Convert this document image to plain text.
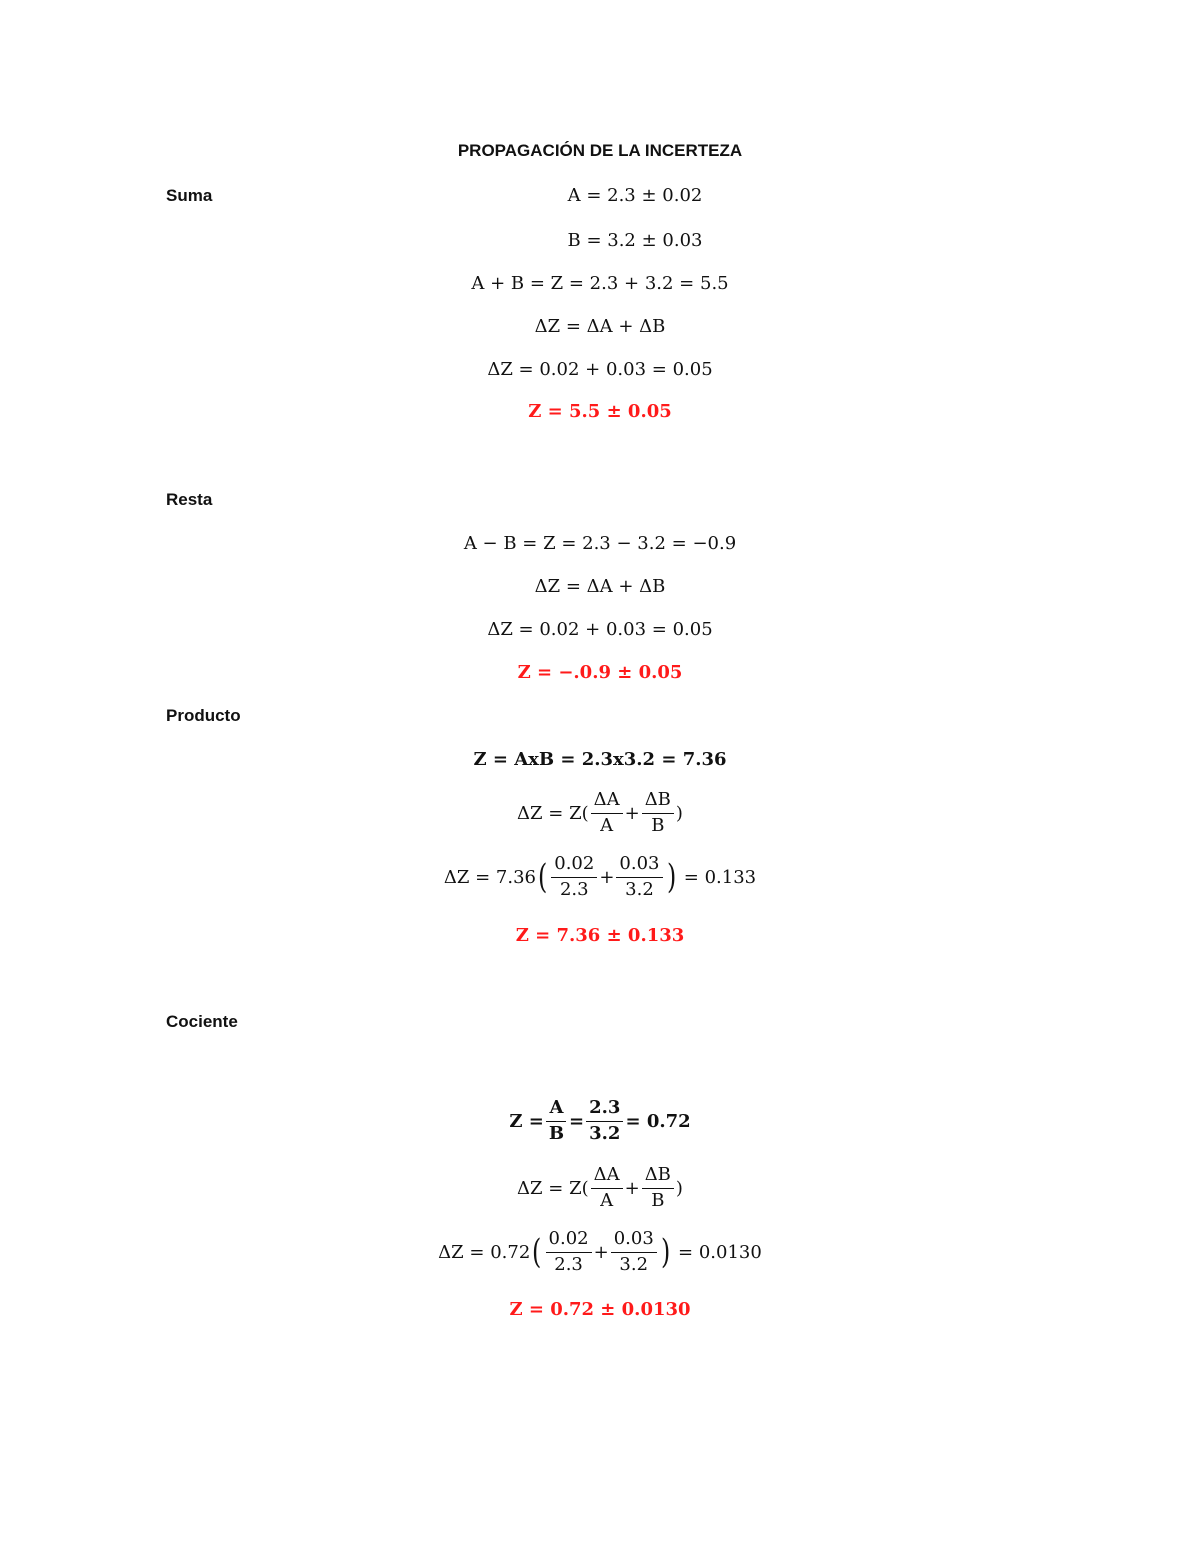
PROPAGACIÓN DE LA INCERTEZA
Suma	A = 2.3 ± 0.02
B = 3.2 ± 0.03
A + B = Z = 2.3 + 3.2 = 5.5
ΔZ = ΔA + ΔB
ΔZ = 0.02 + 0.03 = 0.05
Z = 5.5 ± 0.05
Resta
A − B = Z = 2.3 − 3.2 = −0.9
ΔZ = ΔA + ΔB
ΔZ = 0.02 + 0.03 = 0.05
Z = −.0.9 ± 0.05
Producto
Z = AxB = 2.3x3.2 = 7.36
$\Delta Z = Z( \frac{\Delta A}{A} + \frac{\Delta B}{B}$ )
ΔZ = 7.36 ( $\frac{0.02}{2.3} + \frac{0.03}{3.2}$ ) = 0.133
Z = 7.36 ± 0.133
Cociente
$Z = \frac{A}{B} = \frac{2.3}{3.2} = 0.72$
$\Delta Z = Z( \frac{\Delta A}{A} + \frac{\Delta B}{B}$ )
ΔZ = 0.72 ( $\frac{0.02}{2.3} + \frac{0.03}{3.2}$ ) = 0.0130
Z = 0.72 ± 0.0130
